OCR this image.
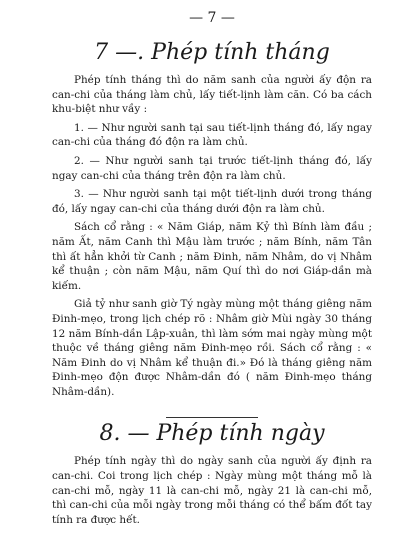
— 7 —
7 —. Phép tính tháng

Phép tính tháng thì do năm sanh của người ấy độn ra can-chi của tháng làm chủ, lấy tiết-lịnh làm căn. Có ba cách khu-biệt như vầy :

1. — Như người sanh tại sau tiết-lịnh tháng đó, lấy ngay can-chi của tháng đó độn ra làm chủ.

2. — Như người sanh tại trước tiết-lịnh tháng đó, lấy ngay can-chi của tháng trên độn ra làm chủ.

3. — Như người sanh tại một tiết-lịnh dưới trong tháng đó, lấy ngay can-chi của tháng dưới độn ra làm chủ.

Sách cổ rằng : « Năm Giáp, năm Kỷ thì Bính làm đầu ; năm Ất, năm Canh thì Mậu làm trước ; năm Bính, năm Tân thì ất hẳn khởi từ Canh ; năm Đinh, năm Nhâm, do vị Nhâm kể thuận ; còn năm Mậu, năm Quí thì do nơi Giáp-dần mà kiếm.

Giả tỷ như sanh giờ Tý ngày mùng một tháng giêng năm Đinh-mẹo, trong lịch chép rõ : Nhâm giờ Mùi ngày 30 tháng 12 năm Bính-dần Lập-xuân, thì làm sớm mai ngày mùng một thuộc về tháng giêng năm Đinh-mẹo rồi. Sách cổ rằng : « Năm Đinh do vị Nhâm kể thuận đi.» Đó là tháng giêng năm Đinh-mẹo độn được Nhâm-dần đó ( năm Đinh-mẹo tháng Nhâm-dần).

8. — Phép tính ngày

Phép tính ngày thì do ngày sanh của người ấy định ra can-chi. Coi trong lịch chép : Ngày mùng một tháng mỗ là can-chi mỗ, ngày 11 là can-chi mỗ, ngày 21 là can-chi mỗ, thì can-chi của mỗi ngày trong mỗi tháng có thể bấm đốt tay tính ra được hết.
